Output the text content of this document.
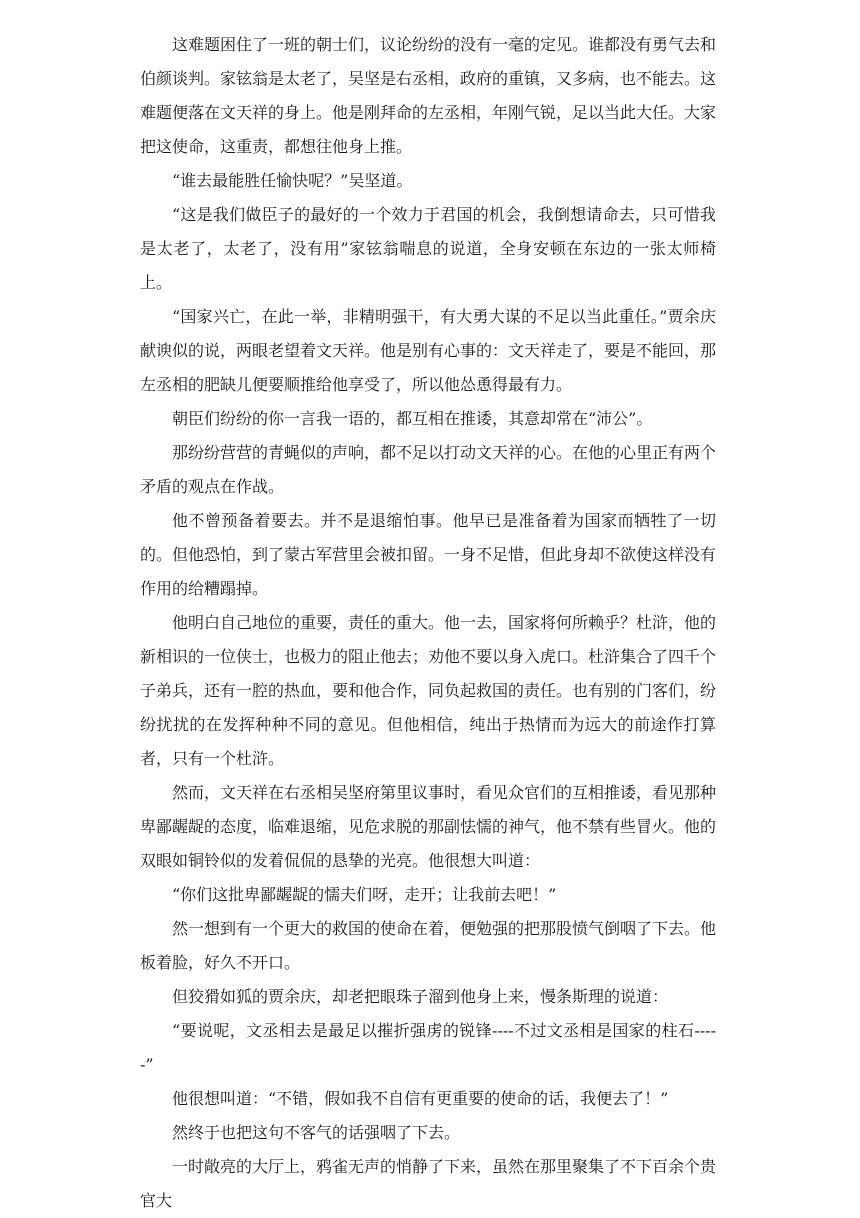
这难题困住了一班的朝士们，议论纷纷的没有一毫的定见。谁都没有勇气去和伯颜谈判。家铉翁是太老了，吴坚是右丞相，政府的重镇，又多病，也不能去。这难题便落在文天祥的身上。他是刚拜命的左丞相，年刚气锐，足以当此大任。大家把这使命，这重责，都想往他身上推。

“谁去最能胜任愉快呢？”吴坚道。

“这是我们做臣子的最好的一个效力于君国的机会，我倒想请命去，只可惜我是太老了，太老了，没有用”家铉翁喘息的说道，全身安顿在东边的一张太师椅上。

“国家兴亡，在此一举，非精明强干，有大勇大谋的不足以当此重任。”贾余庆献谀似的说，两眼老望着文天祥。他是别有心事的：文天祥走了，要是不能回，那左丞相的肥缺儿便要顺推给他享受了，所以他怂恿得最有力。

朝臣们纷纷的你一言我一语的，都互相在推诿，其意却常在“沛公”。

那纷纷营营的青蝇似的声响，都不足以打动文天祥的心。在他的心里正有两个矛盾的观点在作战。

他不曾预备着要去。并不是退缩怕事。他早已是准备着为国家而牺牲了一切的。但他恐怕，到了蒙古军营里会被扣留。一身不足惜，但此身却不欲使这样没有作用的给糟蹋掉。

他明白自己地位的重要，责任的重大。他一去，国家将何所赖乎？杜浒，他的新相识的一位侠士，也极力的阻止他去；劝他不要以身入虎口。杜浒集合了四千个子弟兵，还有一腔的热血，要和他合作，同负起救国的责任。也有别的门客们，纷纷扰扰的在发挥种种不同的意见。但他相信，纯出于热情而为远大的前途作打算者，只有一个杜浒。

然而，文天祥在右丞相吴坚府第里议事时，看见众官们的互相推诿，看见那种卑鄙龌龊的态度，临难退缩，见危求脱的那副怯懦的神气，他不禁有些冒火。他的双眼如铜铃似的发着侃侃的恳挚的光亮。他很想大叫道：

“你们这批卑鄙龌龊的懦夫们呀，走开；让我前去吧！”

然一想到有一个更大的救国的使命在着，便勉强的把那股愤气倒咽了下去。他板着脸，好久不开口。

但狡猾如狐的贾余庆，却老把眼珠子溜到他身上来，慢条斯理的说道：

“要说呢，文丞相去是最足以摧折强虏的锐锋----不过文丞相是国家的柱石-----”

他很想叫道：“不错，假如我不自信有更重要的使命的话，我便去了！”

然终于也把这句不客气的话强咽了下去。

一时敞亮的大厅上，鸦雀无声的悄静了下来，虽然在那里聚集了不下百余个贵官大
